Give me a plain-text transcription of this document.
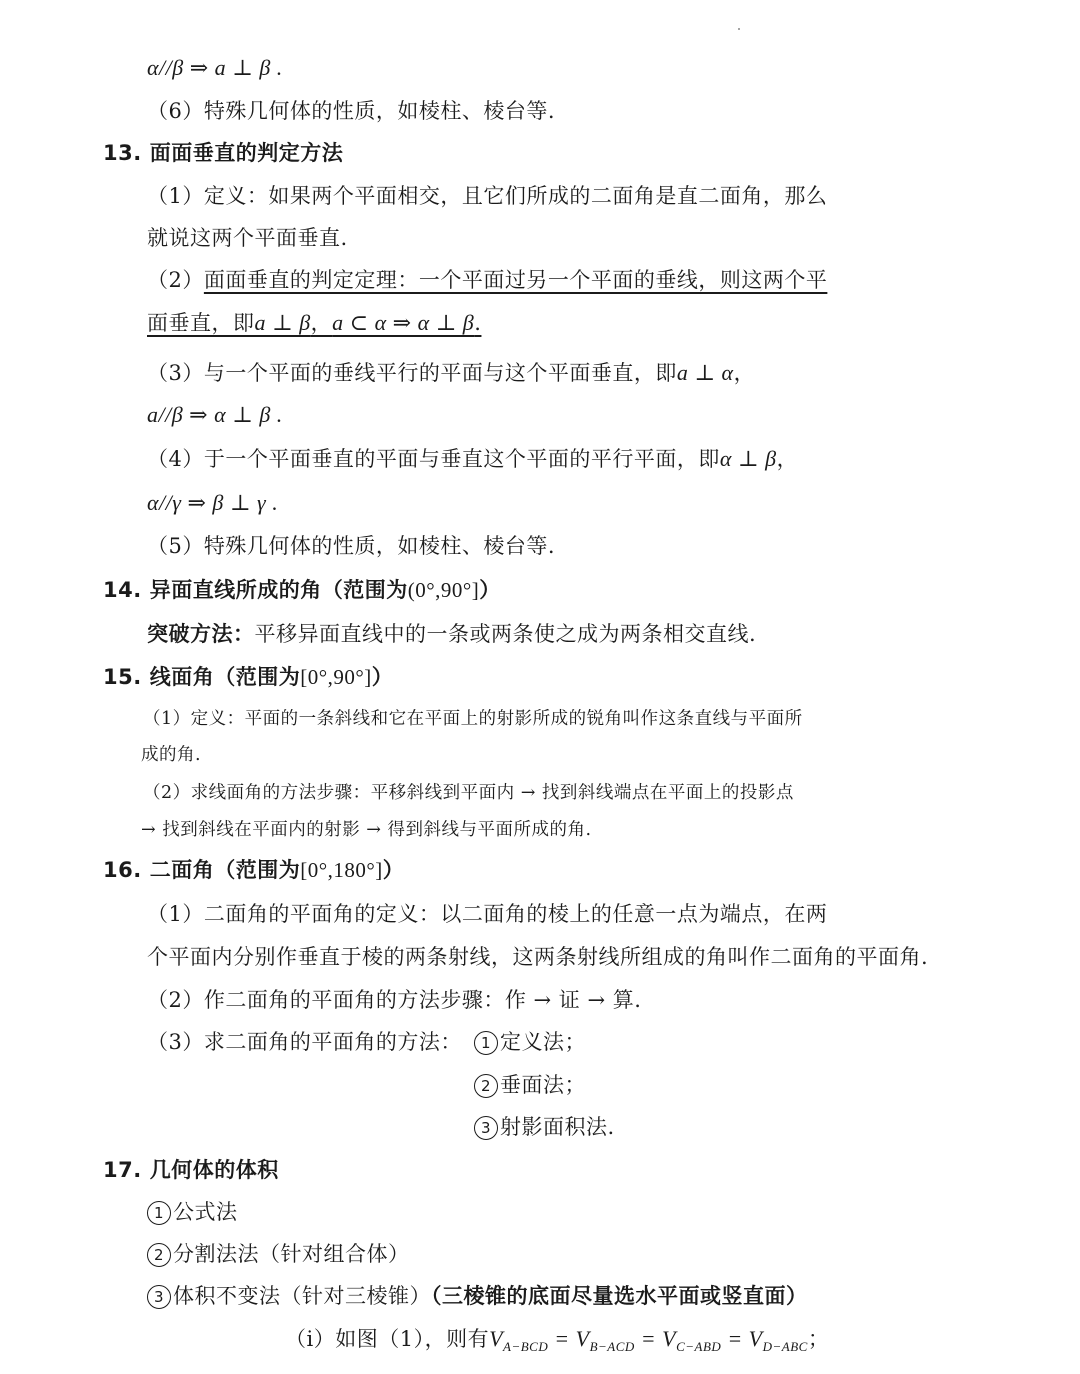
α//β ⇒ a ⊥ β .
（6）特殊几何体的性质，如棱柱、棱台等.
13. 面面垂直的判定方法
（1）定义：如果两个平面相交，且它们所成的二面角是直二面角，那么
就说这两个平面垂直.
（2）面面垂直的判定定理：一个平面过另一个平面的垂线，则这两个平
面垂直，即a ⊥ β，a ⊂ α ⇒ α ⊥ β.
（3）与一个平面的垂线平行的平面与这个平面垂直，即a ⊥ α，
a//β ⇒ α ⊥ β .
（4）于一个平面垂直的平面与垂直这个平面的平行平面，即α ⊥ β，
α//γ ⇒ β ⊥ γ .
（5）特殊几何体的性质，如棱柱、棱台等.
14. 异面直线所成的角（范围为(0°,90°]）
突破方法：平移异面直线中的一条或两条使之成为两条相交直线.
15. 线面角（范围为[0°,90°]）
（1）定义：平面的一条斜线和它在平面上的射影所成的锐角叫作这条直线与平面所
成的角.
（2）求线面角的方法步骤：平移斜线到平面内 → 找到斜线端点在平面上的投影点
→ 找到斜线在平面内的射影 → 得到斜线与平面所成的角.
16. 二面角（范围为[0°,180°]）
（1）二面角的平面角的定义：以二面角的棱上的任意一点为端点，在两
个平面内分别作垂直于棱的两条射线，这两条射线所组成的角叫作二面角的平面角.
（2）作二面角的平面角的方法步骤：作 → 证 → 算.
（3）求二面角的平面角的方法：	1 定义法；
2 垂面法；
3 射影面积法.
17. 几何体的体积
1 公式法
2 分割法法（针对组合体）
3 体积不变法（针对三棱锥）（三棱锥的底面尽量选水平面或竖直面）
（ⅰ）如图（1），则有$V_{A-BCD} = V_{B-ACD} = V_{C-ABD} = V_{D-ABC}$；
